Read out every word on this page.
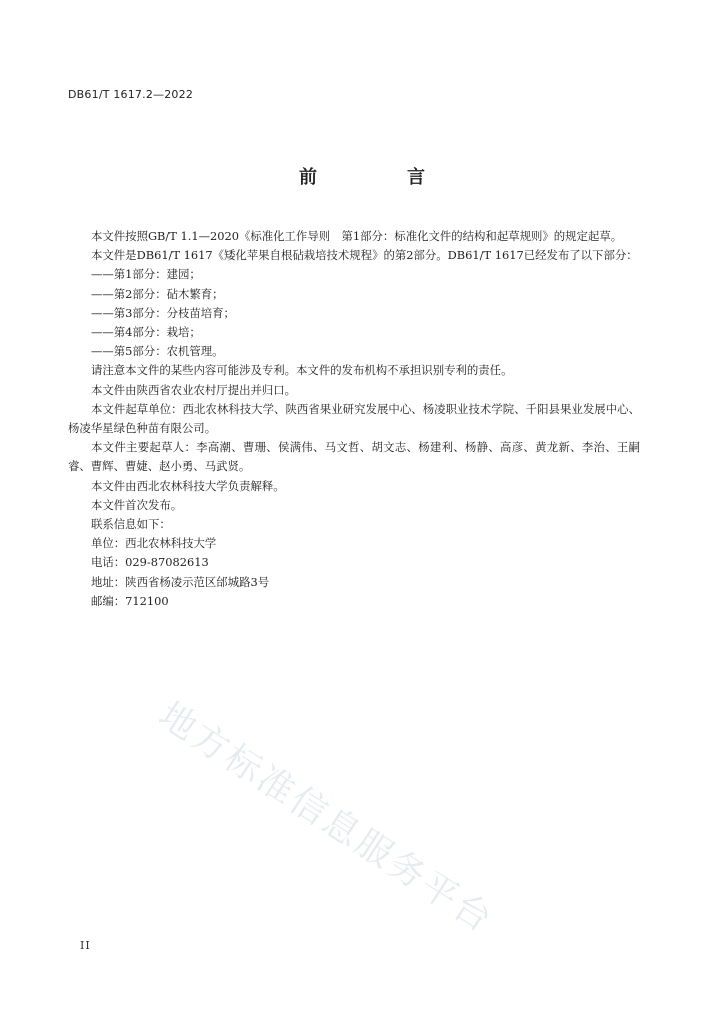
DB61/T 1617.2—2022
前　言

本文件按照GB/T 1.1—2020《标准化工作导则　第1部分：标准化文件的结构和起草规则》的规定起草。

本文件是DB61/T 1617《矮化苹果自根砧栽培技术规程》的第2部分。DB61/T 1617已经发布了以下部分：

——第1部分：建园；

——第2部分：砧木繁育；

——第3部分：分枝苗培育；

——第4部分：栽培；

——第5部分：农机管理。

请注意本文件的某些内容可能涉及专利。本文件的发布机构不承担识别专利的责任。

本文件由陕西省农业农村厅提出并归口。

本文件起草单位：西北农林科技大学、陕西省果业研究发展中心、杨凌职业技术学院、千阳县果业发展中心、杨凌华星绿色种苗有限公司。

本文件主要起草人：李高潮、曹珊、侯满伟、马文哲、胡文志、杨建利、杨静、高彦、黄龙新、李治、王嗣睿、曹辉、曹婕、赵小勇、马武贤。

本文件由西北农林科技大学负责解释。

本文件首次发布。

联系信息如下：

单位：西北农林科技大学

电话：029-87082613

地址：陕西省杨凌示范区邰城路3号

邮编：712100

地方标准信息服务平台
II
